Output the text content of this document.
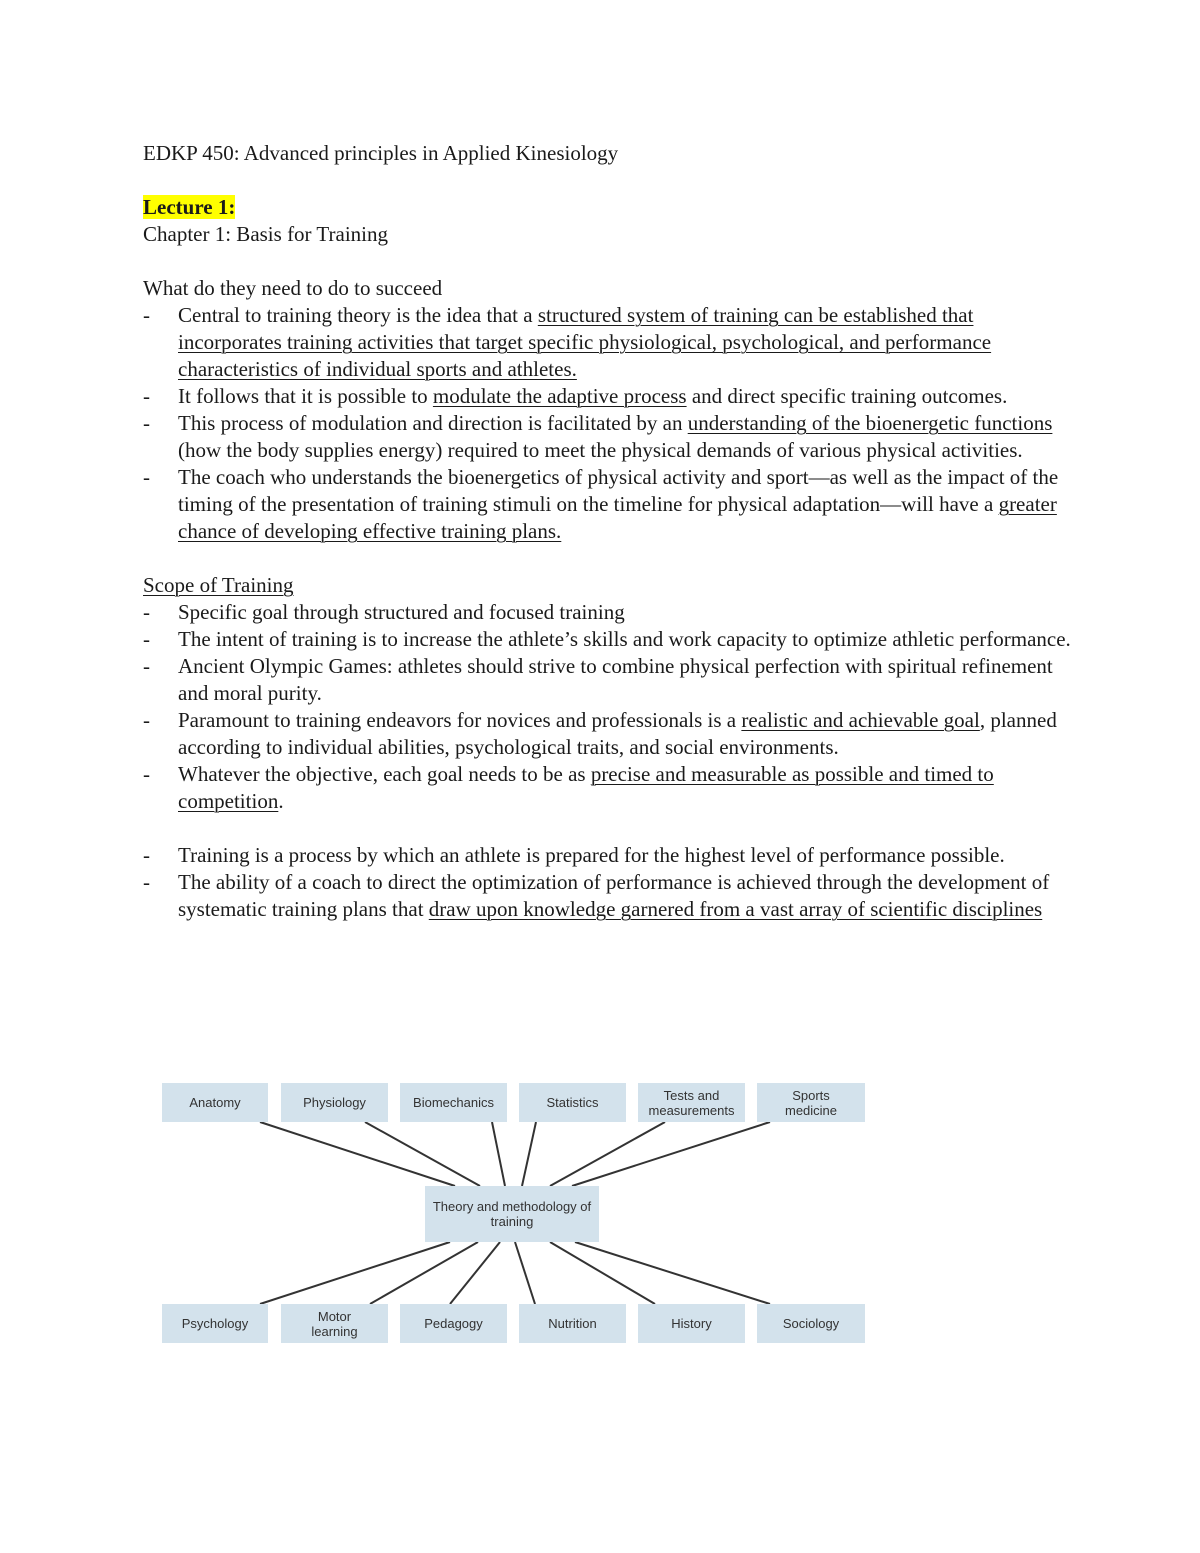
EDKP 450: Advanced principles in Applied Kinesiology

Lecture 1:

Chapter 1: Basis for Training

What do they need to do to succeed

- Central to training theory is the idea that a structured system of training can be established that incorporates training activities that target specific physiological, psychological, and performance characteristics of individual sports and athletes.
- It follows that it is possible to modulate the adaptive process and direct specific training outcomes.
- This process of modulation and direction is facilitated by an understanding of the bioenergetic functions (how the body supplies energy) required to meet the physical demands of various physical activities.
- The coach who understands the bioenergetics of physical activity and sport—as well as the impact of the timing of the presentation of training stimuli on the timeline for physical adaptation—will have a greater chance of developing effective training plans.

Scope of Training

- Specific goal through structured and focused training
- The intent of training is to increase the athlete’s skills and work capacity to optimize athletic performance.
- Ancient Olympic Games: athletes should strive to combine physical perfection with spiritual refinement and moral purity.
- Paramount to training endeavors for novices and professionals is a realistic and achievable goal, planned according to individual abilities, psychological traits, and social environments.
- Whatever the objective, each goal needs to be as precise and measurable as possible and timed to competition.
- Training is a process by which an athlete is prepared for the highest level of performance possible.
- The ability of a coach to direct the optimization of performance is achieved through the development of systematic training plans that draw upon knowledge garnered from a vast array of scientific disciplines
Theory and methodology of training
Anatomy	Physiology	Biomechanics	Statistics	Tests and measurements
Sports medicine
Psychology	Motor learning	Pedagogy	Nutrition	History	Sociology
